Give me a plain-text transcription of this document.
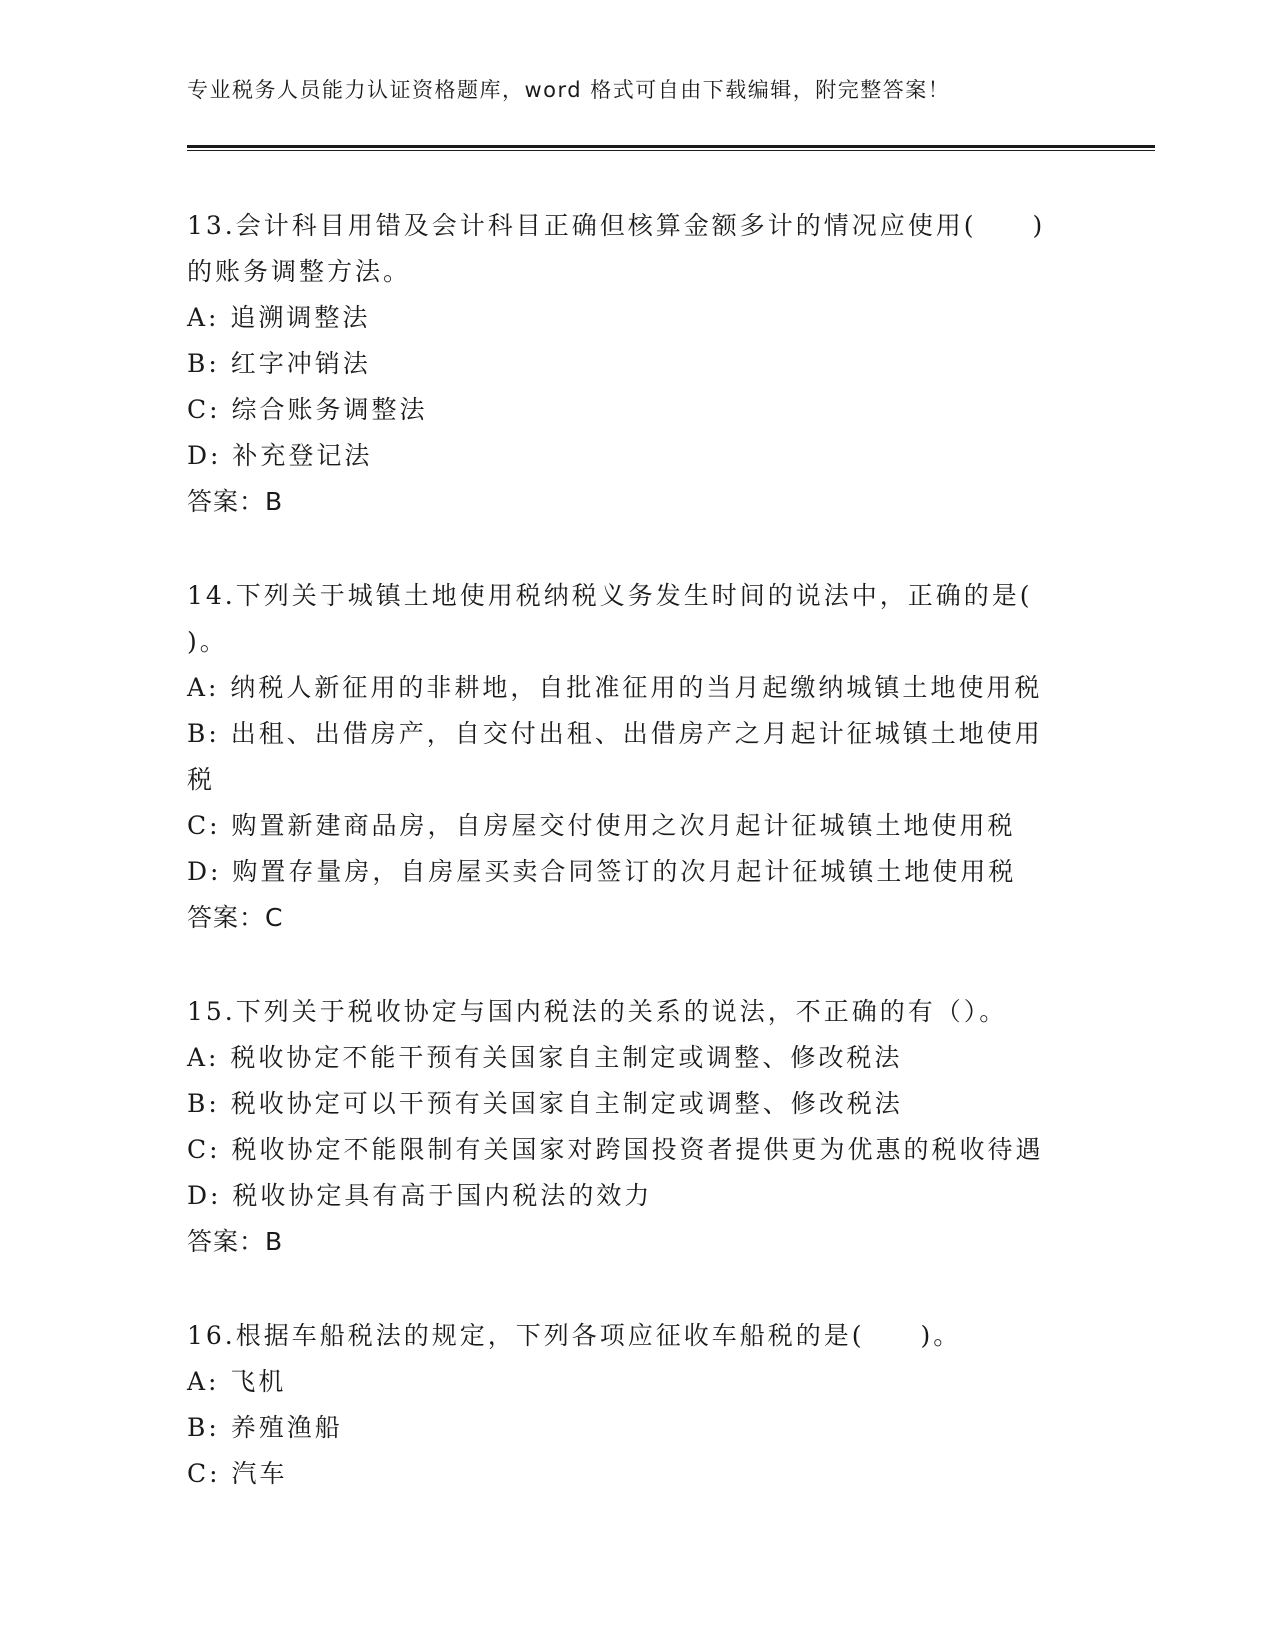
专业税务人员能力认证资格题库，word 格式可自由下载编辑，附完整答案！
13.会计科目用错及会计科目正确但核算金额多计的情况应使用(　　)
的账务调整方法。
A: 追溯调整法
B: 红字冲销法
C: 综合账务调整法
D: 补充登记法
答案：B
14.下列关于城镇土地使用税纳税义务发生时间的说法中，正确的是(
)。
A: 纳税人新征用的非耕地，自批准征用的当月起缴纳城镇土地使用税
B: 出租、出借房产，自交付出租、出借房产之月起计征城镇土地使用
税
C: 购置新建商品房，自房屋交付使用之次月起计征城镇土地使用税
D: 购置存量房，自房屋买卖合同签订的次月起计征城镇土地使用税
答案：C
15.下列关于税收协定与国内税法的关系的说法，不正确的有（）。
A: 税收协定不能干预有关国家自主制定或调整、修改税法
B: 税收协定可以干预有关国家自主制定或调整、修改税法
C: 税收协定不能限制有关国家对跨国投资者提供更为优惠的税收待遇
D: 税收协定具有高于国内税法的效力
答案：B
16.根据车船税法的规定，下列各项应征收车船税的是(　　)。
A: 飞机
B: 养殖渔船
C: 汽车
